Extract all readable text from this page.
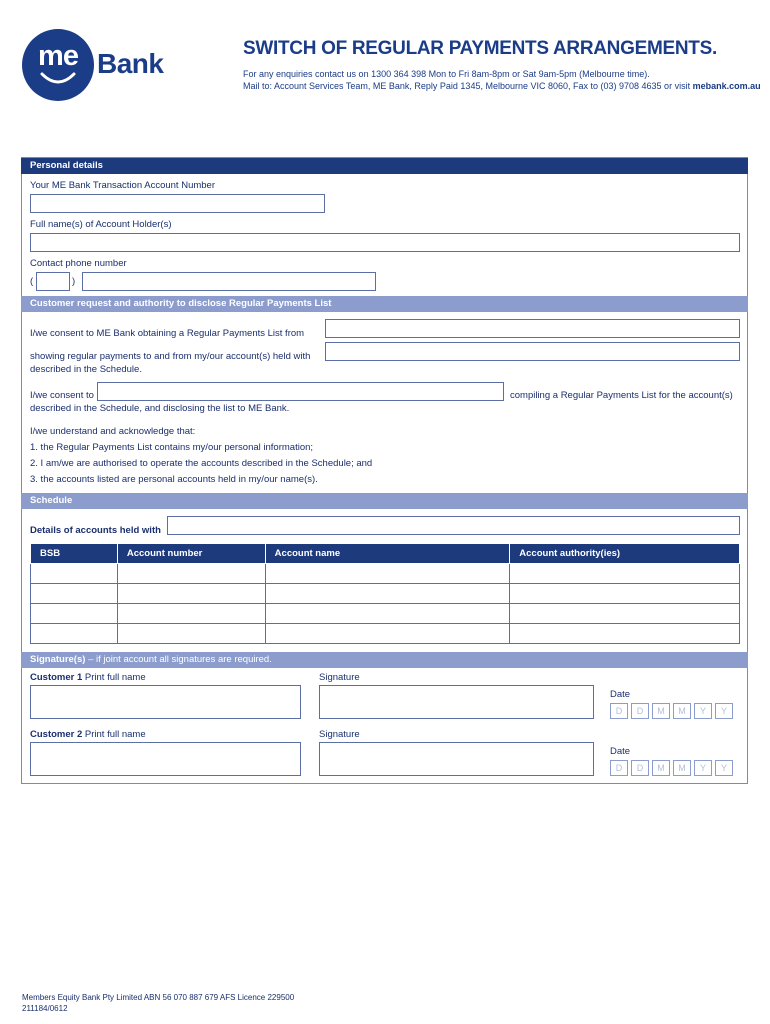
me Bank	SWITCH OF REGULAR PAYMENTS ARRANGEMENTS.
For any enquiries contact us on 1300 364 398 Mon to Fri 8am-8pm or Sat 9am-5pm (Melbourne time).
Mail to: Account Services Team, ME Bank, Reply Paid 1345, Melbourne VIC 8060, Fax to (03) 9708 4635 or visit mebank.com.au
Personal details
Your ME Bank Transaction Account Number
Full name(s) of Account Holder(s)
Contact phone number
(	)
Customer request and authority to disclose Regular Payments List
I/we consent to ME Bank obtaining a Regular Payments List from
showing regular payments to and from my/our account(s) held with
described in the Schedule.
I/we consent to	compiling a Regular Payments List for the account(s)
described in the Schedule, and disclosing the list to ME Bank.
I/we understand and acknowledge that:
1. the Regular Payments List contains my/our personal information;
2. I am/we are authorised to operate the accounts described in the Schedule; and
3. the accounts listed are personal accounts held in my/our name(s).
Schedule
Details of accounts held with
BSB	Account number	Account name	Account authority(ies)

Signature(s) – if joint account all signatures are required.
Customer 1 Print full name	Signature
Date
D	D	M	M	Y	Y
Customer 2 Print full name	Signature
Date
D	D	M	M	Y	Y
Members Equity Bank Pty Limited ABN 56 070 887 679 AFS Licence 229500
211184/0612
